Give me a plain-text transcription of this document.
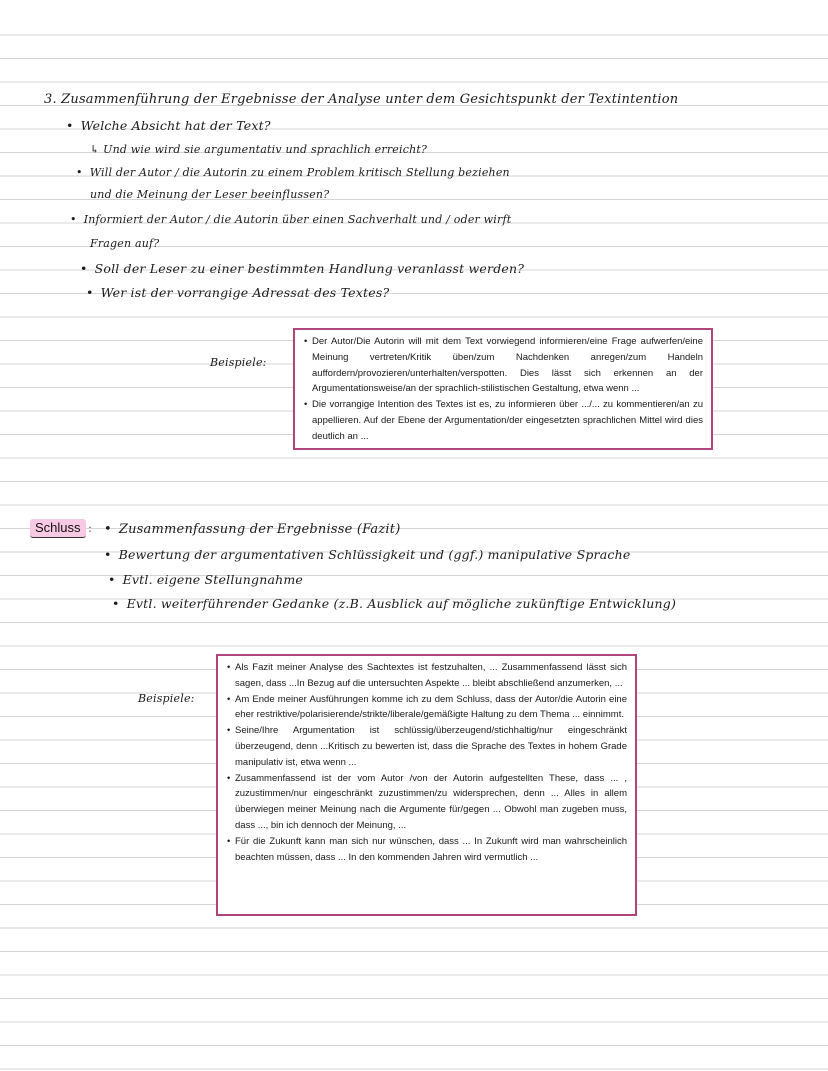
3. Zusammenführung der Ergebnisse der Analyse unter dem Gesichtspunkt der Textintention
• Welche Absicht hat der Text?
↳ Und wie wird sie argumentativ und sprachlich erreicht?
• Will der Autor / die Autorin zu einem Problem kritisch Stellung beziehen
und die Meinung der Leser beeinflussen?
• Informiert der Autor / die Autorin über einen Sachverhalt und / oder wirft
Fragen auf?
• Soll der Leser zu einer bestimmten Handlung veranlasst werden?
• Wer ist der vorrangige Adressat des Textes?
Beispiele:
• Der Autor/Die Autorin will mit dem Text vorwiegend informieren/eine Frage aufwerfen/eine Meinung vertreten/Kritik üben/zum Nachdenken anregen/zum Handeln auffordern/provozieren/unterhalten/verspotten. Dies lässt sich erkennen an der Argumentationsweise/an der sprachlich-stilistischen Gestaltung, etwa wenn ...
• Die vorrangige Intention des Textes ist es, zu informieren über .../... zu kommentieren/an zu appellieren. Auf der Ebene der Argumentation/der eingesetzten sprachlichen Mittel wird dies deutlich an ...
Schluss :
•	Zusammenfassung der Ergebnisse (Fazit)
• Bewertung der argumentativen Schlüssigkeit und (ggf.) manipulative Sprache
• Evtl. eigene Stellungnahme
• Evtl. weiterführender Gedanke (z.B. Ausblick auf mögliche zukünftige Entwicklung)
Beispiele:
• Als Fazit meiner Analyse des Sachtextes ist festzuhalten, ... Zusammenfassend lässt sich sagen, dass ...In Bezug auf die untersuchten Aspekte ... bleibt abschließend anzumerken, ...
• Am Ende meiner Ausführungen komme ich zu dem Schluss, dass der Autor/die Autorin eine eher restriktive/polarisierende/strikte/liberale/gemäßigte Haltung zu dem Thema ... einnimmt.
• Seine/Ihre Argumentation ist schlüssig/überzeugend/stichhaltig/nur eingeschränkt überzeugend, denn ...Kritisch zu bewerten ist, dass die Sprache des Textes in hohem Grade manipulativ ist, etwa wenn ...
• Zusammenfassend ist der vom Autor /von der Autorin aufgestellten These, dass ... , zuzustimmen/nur eingeschränkt zuzustimmen/zu widersprechen, denn ... Alles in allem überwiegen meiner Meinung nach die Argumente für/gegen ... Obwohl man zugeben muss, dass ..., bin ich dennoch der Meinung, ...
• Für die Zukunft kann man sich nur wünschen, dass ... In Zukunft wird man wahrscheinlich beachten müssen, dass ... In den kommenden Jahren wird vermutlich ...
